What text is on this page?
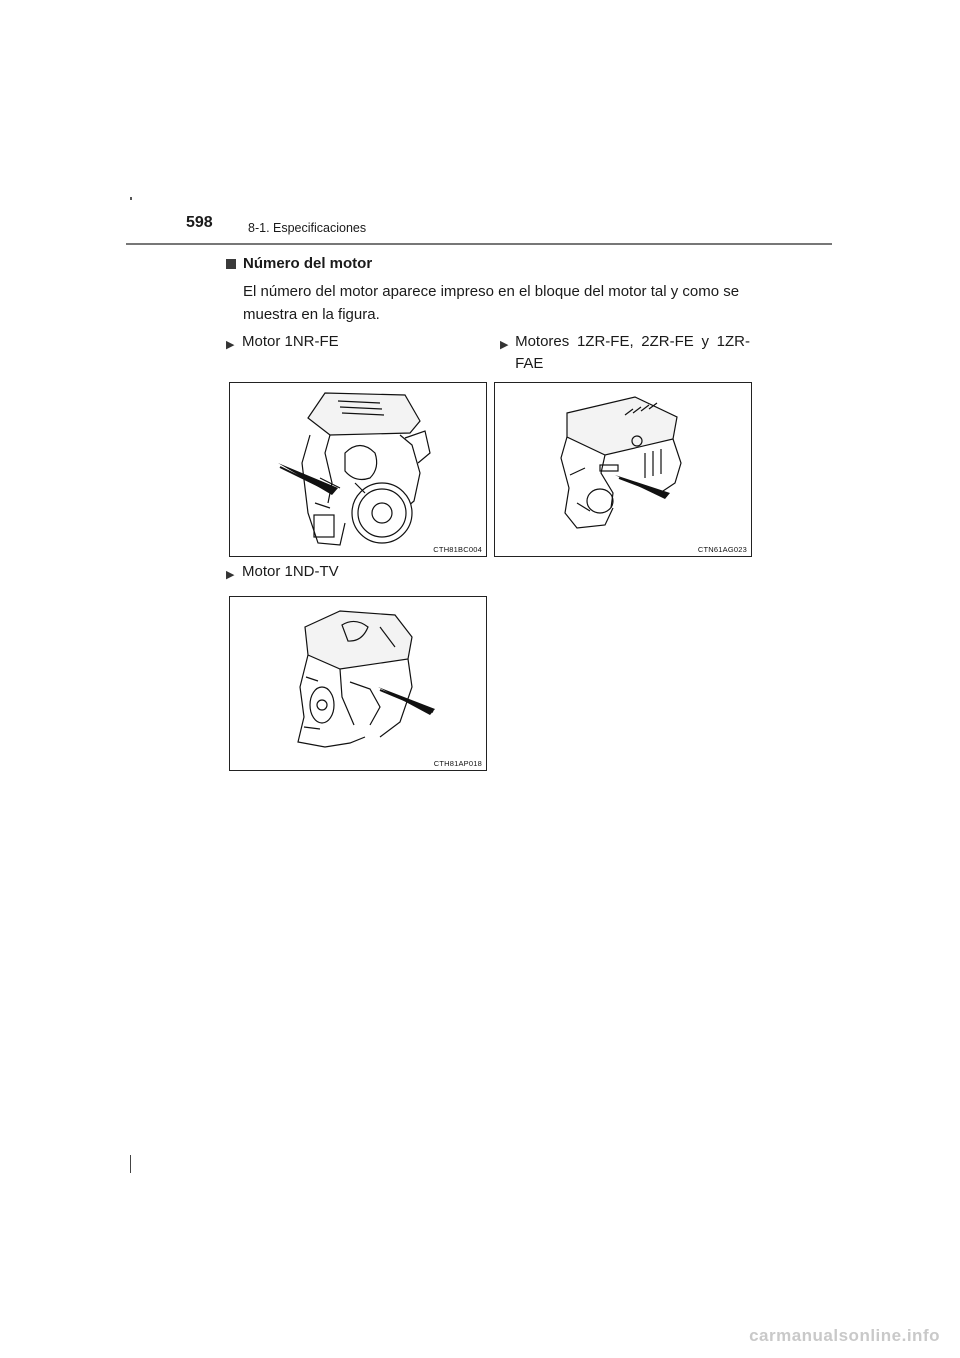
598	8-1. Especificaciones
Número del motor
El número del motor aparece impreso en el bloque del motor tal y como se muestra en la figura.
▶ Motor 1NR-FE	▶ Motores 1ZR-FE, 2ZR-FE y 1ZR-FAE
CTH81BC004	CTN61AG023
▶ Motor 1ND-TV
CTH81AP018
carmanualsonline.info
